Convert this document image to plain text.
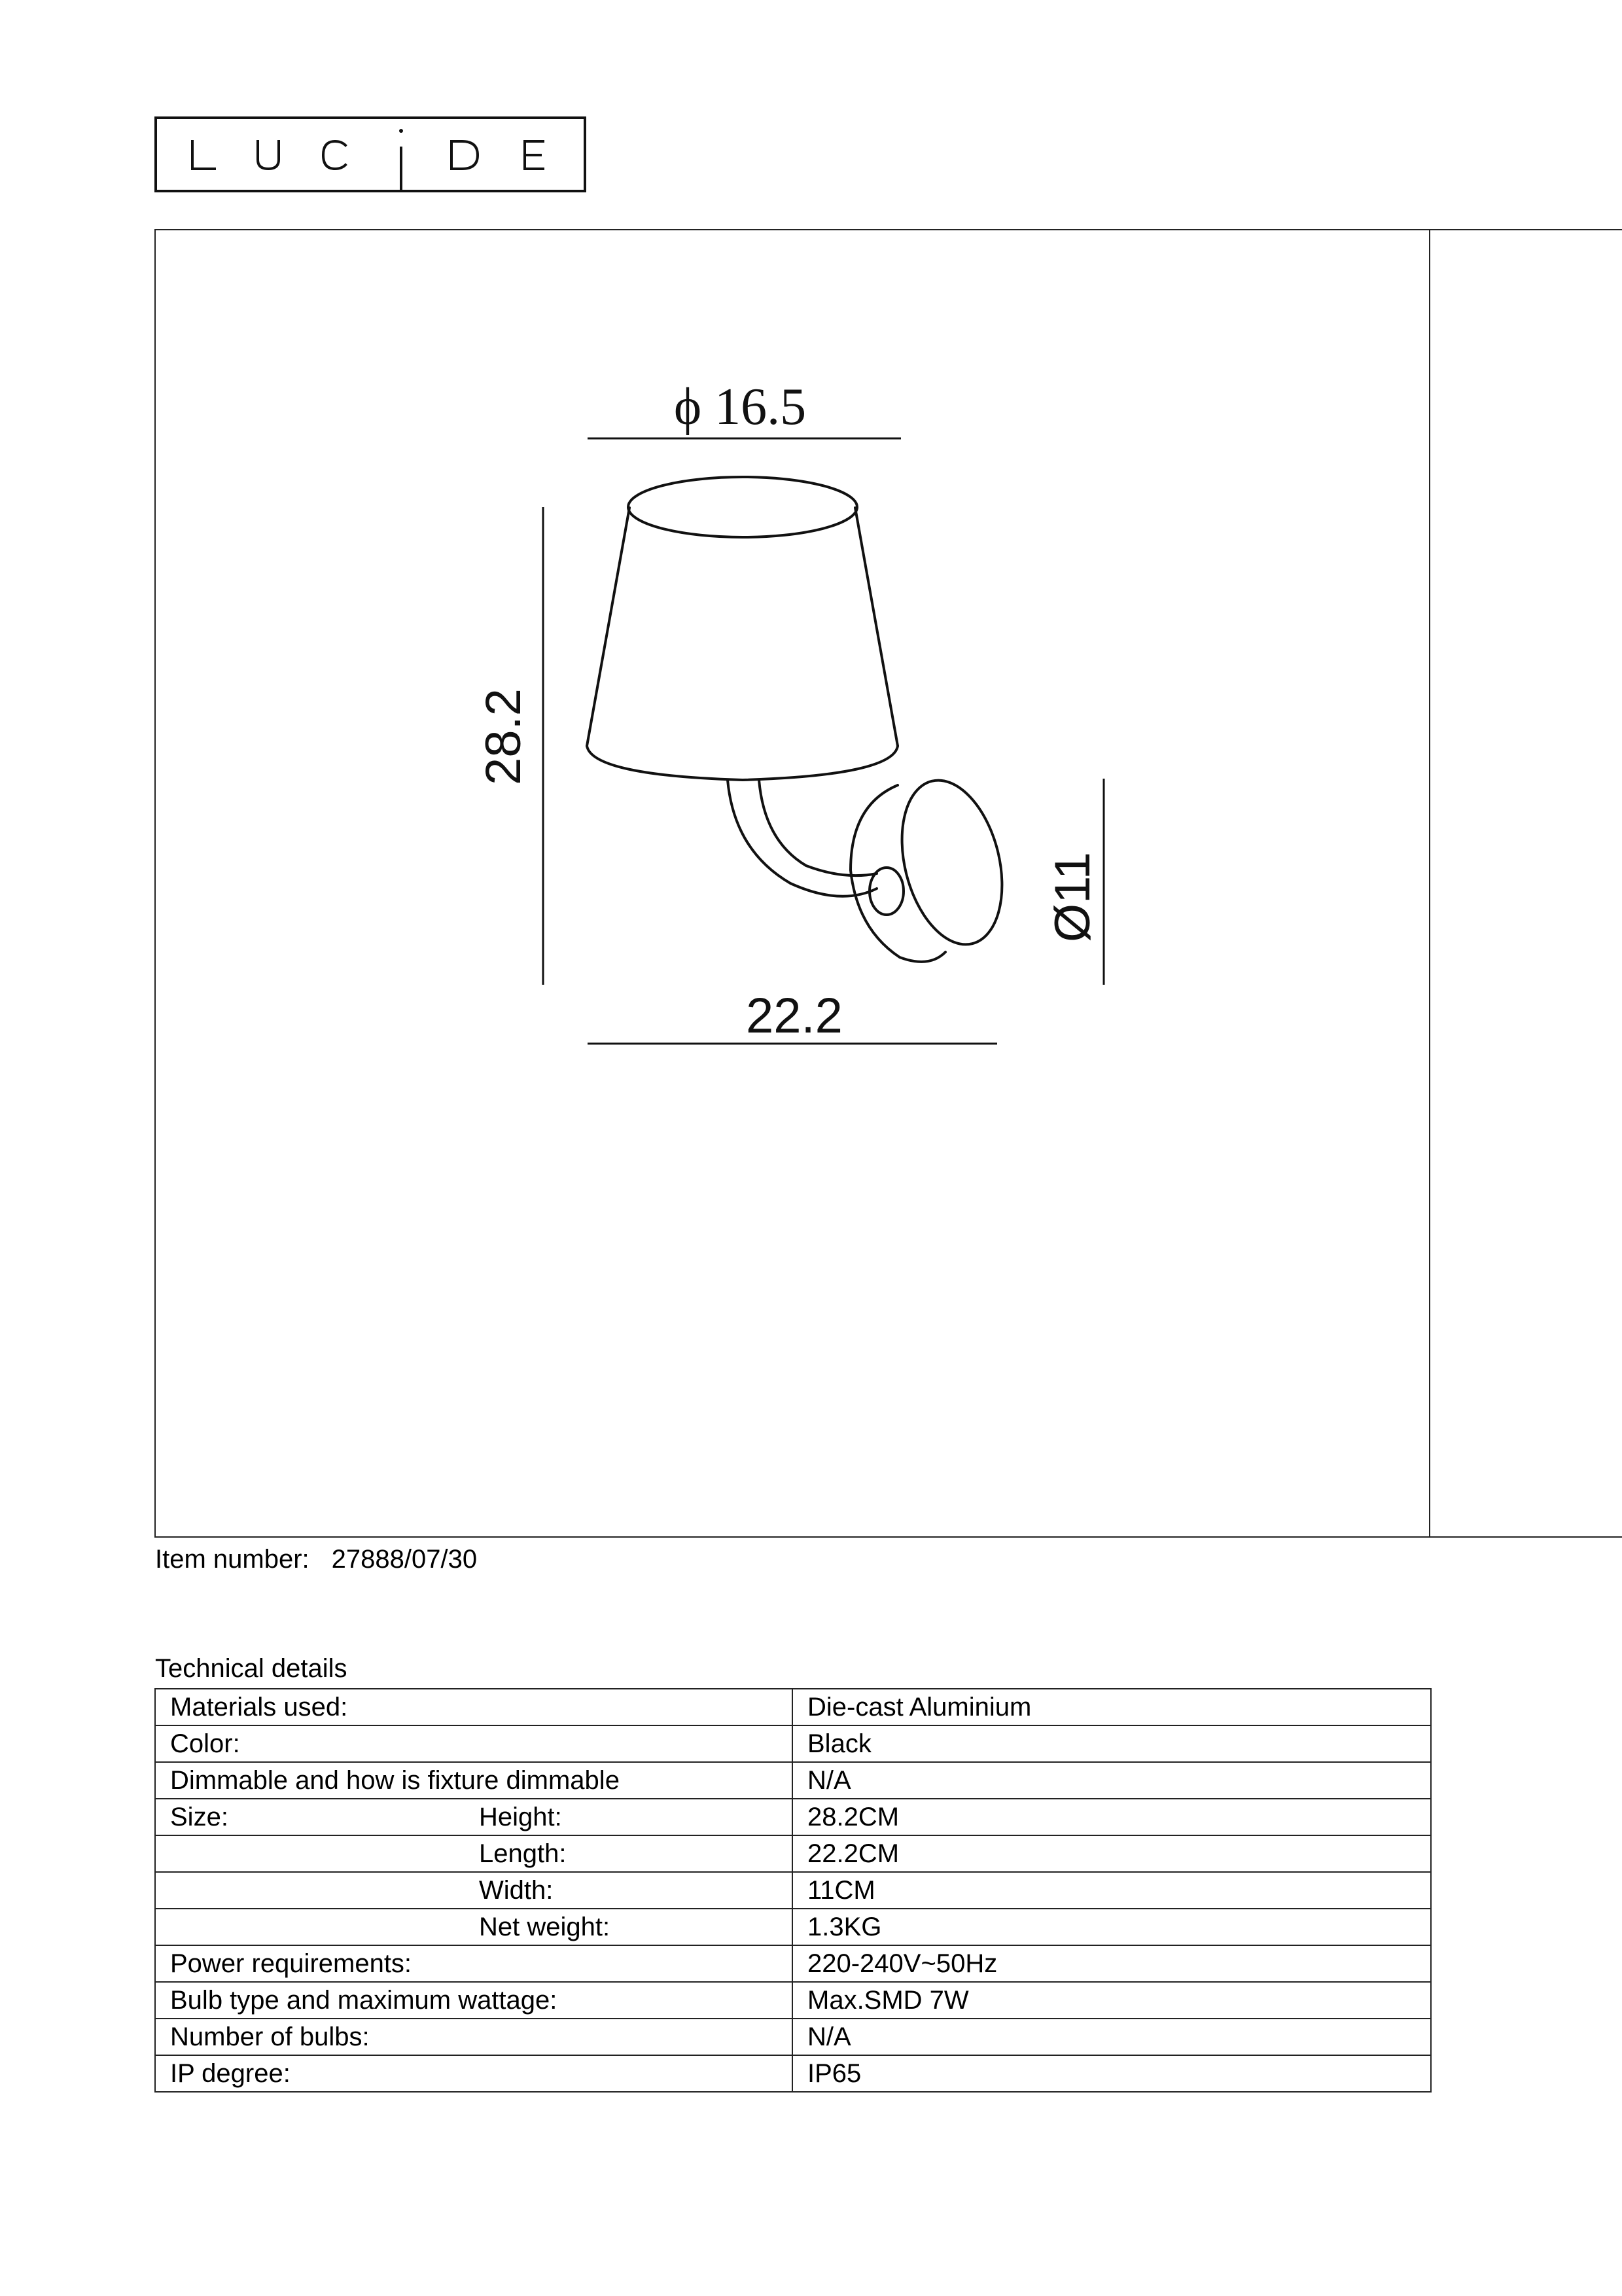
ϕ 16.5
28.2
22.2
Ø11
Item number: 27888/07/30
Technical details
Materials used:	Die-cast Aluminium

Color:	Black

Dimmable and how is fixture dimmable	N/A

Size: Height:	28.2CM

Length:	22.2CM

Width:	11CM

Net weight:	1.3KG

Power requirements:	220-240V~50Hz

Bulb type and maximum wattage:	Max.SMD 7W

Number of bulbs:	N/A

IP degree:	IP65
